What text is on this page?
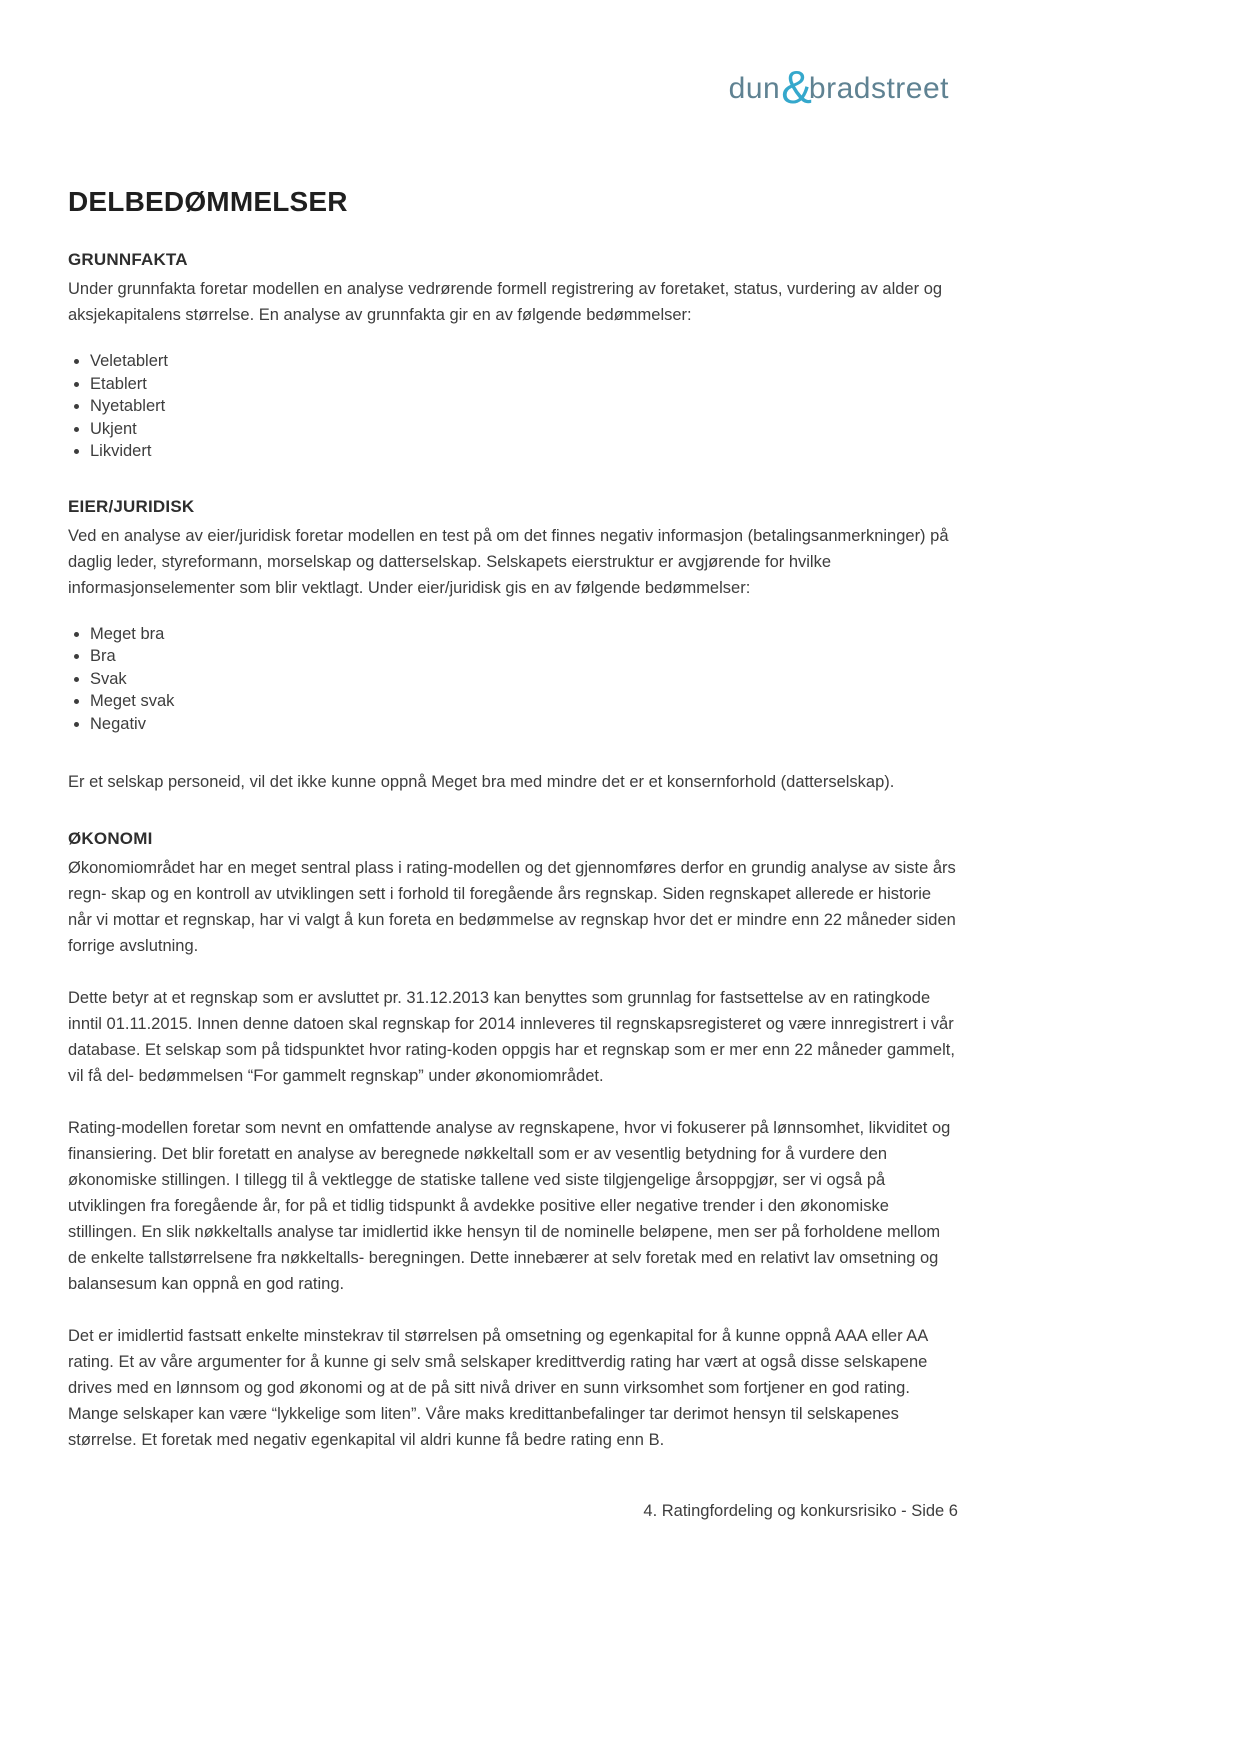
dun &
bradstreet
DELBEDØMMELSER
GRUNNFAKTA

Under grunnfakta foretar modellen en analyse vedrørende formell registrering av foretaket, status, vurdering av alder og aksjekapitalens størrelse. En analyse av grunnfakta gir en av følgende bedømmelser:

• Veletablert
• Etablert
• Nyetablert
• Ukjent
• Likvidert
EIER/JURIDISK

Ved en analyse av eier/juridisk foretar modellen en test på om det finnes negativ informasjon (betalingsanmerkninger) på daglig leder, styreformann, morselskap og datterselskap. Selskapets eierstruktur er avgjørende for hvilke informasjonselementer som blir vektlagt. Under eier/juridisk gis en av følgende bedømmelser:

• Meget bra
• Bra
• Svak
• Meget svak
• Negativ

Er et selskap personeid, vil det ikke kunne oppnå Meget bra med mindre det er et konsernforhold (datterselskap).

ØKONOMI

Økonomiområdet har en meget sentral plass i rating-modellen og det gjennomføres derfor en grundig analyse av siste års regn- skap og en kontroll av utviklingen sett i forhold til foregående års regnskap. Siden regnskapet allerede er historie når vi mottar et regnskap, har vi valgt å kun foreta en bedømmelse av regnskap hvor det er mindre enn 22 måneder siden forrige avslutning.

Dette betyr at et regnskap som er avsluttet pr. 31.12.2013 kan benyttes som grunnlag for fastsettelse av en ratingkode inntil 01.11.2015. Innen denne datoen skal regnskap for 2014 innleveres til regnskapsregisteret og være innregistrert i vår database. Et selskap som på tidspunktet hvor rating-koden oppgis har et regnskap som er mer enn 22 måneder gammelt, vil få del- bedømmelsen “For gammelt regnskap” under økonomiområdet.

Rating-modellen foretar som nevnt en omfattende analyse av regnskapene, hvor vi fokuserer på lønnsomhet, likviditet og finansiering. Det blir foretatt en analyse av beregnede nøkkeltall som er av vesentlig betydning for å vurdere den økonomiske stillingen. I tillegg til å vektlegge de statiske tallene ved siste tilgjengelige årsoppgjør, ser vi også på utviklingen fra foregående år, for på et tidlig tidspunkt å avdekke positive eller negative trender i den økonomiske stillingen. En slik nøkkeltalls analyse tar imidlertid ikke hensyn til de nominelle beløpene, men ser på forholdene mellom de enkelte tallstørrelsene fra nøkkeltalls- beregningen. Dette innebærer at selv foretak med en relativt lav omsetning og balansesum kan oppnå en god rating.

Det er imidlertid fastsatt enkelte minstekrav til størrelsen på omsetning og egenkapital for å kunne oppnå AAA eller AA rating. Et av våre argumenter for å kunne gi selv små selskaper kredittverdig rating har vært at også disse selskapene drives med en lønnsom og god økonomi og at de på sitt nivå driver en sunn virksomhet som fortjener en god rating. Mange selskaper kan være “lykkelige som liten”. Våre maks kredittanbefalinger tar derimot hensyn til selskapenes størrelse. Et foretak med negativ egenkapital vil aldri kunne få bedre rating enn B.

4. Ratingfordeling og konkursrisiko - Side 6
